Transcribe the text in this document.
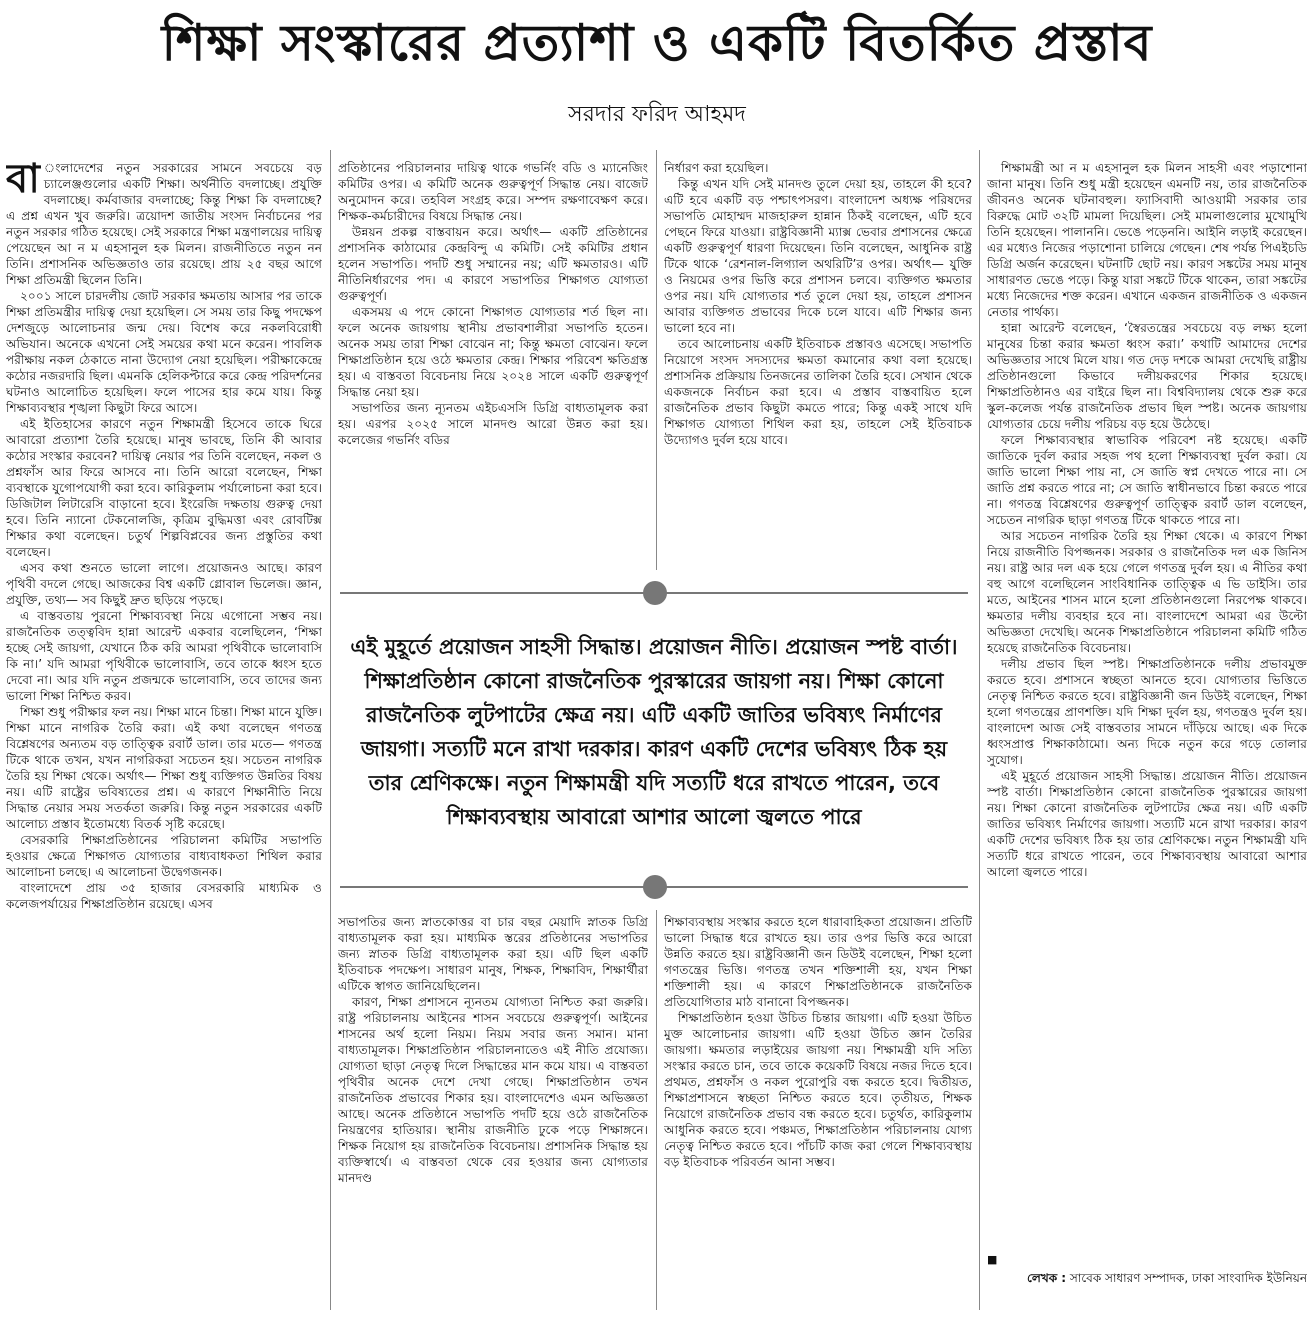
শিক্ষা সংস্কারের প্রত্যাশা ও একটি বিতর্কিত প্রস্তাব
সরদার ফরিদ আহমদ

বা ংলাদেশের নতুন সরকারের সামনে সবচেয়ে বড় চ্যালেঞ্জগুলোর একটি শিক্ষা। অর্থনীতি বদলাচ্ছে। প্রযুক্তি বদলাচ্ছে। কর্মবাজার বদলাচ্ছে; কিন্তু শিক্ষা কি বদলাচ্ছে? এ প্রশ্ন এখন খুব জরুরি। ত্রয়োদশ জাতীয় সংসদ নির্বাচনের পর নতুন সরকার গঠিত হয়েছে। সেই সরকারে শিক্ষা মন্ত্রণালয়ের দায়িত্ব পেয়েছেন আ ন ম এহসানুল হক মিলন। রাজনীতিতে নতুন নন তিনি। প্রশাসনিক অভিজ্ঞতাও তার রয়েছে। প্রায় ২৫ বছর আগে শিক্ষা প্রতিমন্ত্রী ছিলেন তিনি।

২০০১ সালে চারদলীয় জোট সরকার ক্ষমতায় আসার পর তাকে শিক্ষা প্রতিমন্ত্রীর দায়িত্ব দেয়া হয়েছিল। সে সময় তার কিছু পদক্ষেপ দেশজুড়ে আলোচনার জন্ম দেয়। বিশেষ করে নকলবিরোধী অভিযান। অনেকে এখনো সেই সময়ের কথা মনে করেন। পাবলিক পরীক্ষায় নকল ঠেকাতে নানা উদ্যোগ নেয়া হয়েছিল। পরীক্ষাকেন্দ্রে কঠোর নজরদারি ছিল। এমনকি হেলিকপ্টারে করে কেন্দ্র পরিদর্শনের ঘটনাও আলোচিত হয়েছিল। ফলে পাসের হার কমে যায়। কিন্তু শিক্ষাব্যবস্থার শৃঙ্খলা কিছুটা ফিরে আসে।

এই ইতিহাসের কারণে নতুন শিক্ষামন্ত্রী হিসেবে তাকে ঘিরে আবারো প্রত্যাশা তৈরি হয়েছে। মানুষ ভাবছে, তিনি কী আবার কঠোর সংস্কার করবেন? দায়িত্ব নেয়ার পর তিনি বলেছেন, নকল ও প্রশ্নফাঁস আর ফিরে আসবে না। তিনি আরো বলেছেন, শিক্ষা ব্যবস্থাকে যুগোপযোগী করা হবে। কারিকুলাম পর্যালোচনা করা হবে। ডিজিটাল লিটারেসি বাড়ানো হবে। ইংরেজি দক্ষতায় গুরুত্ব দেয়া হবে। তিনি ন্যানো টেকনোলজি, কৃত্রিম বুদ্ধিমত্তা এবং রোবটিক্স শিক্ষার কথা বলেছেন। চতুর্থ শিল্পবিপ্লবের জন্য প্রস্তুতির কথা বলেছেন।

এসব কথা শুনতে ভালো লাগে। প্রয়োজনও আছে। কারণ পৃথিবী বদলে গেছে। আজকের বিশ্ব একটি গ্লোবাল ভিলেজ। জ্ঞান, প্রযুক্তি, তথ্য— সব কিছুই দ্রুত ছড়িয়ে পড়ছে।

এ বাস্তবতায় পুরনো শিক্ষাব্যবস্থা নিয়ে এগোনো সম্ভব নয়। রাজনৈতিক তত্ত্ববিদ হান্না আরেন্ট একবার বলেছিলেন, ‘শিক্ষা হচ্ছে সেই জায়গা, যেখানে ঠিক করি আমরা পৃথিবীকে ভালোবাসি কি না।’ যদি আমরা পৃথিবীকে ভালোবাসি, তবে তাকে ধ্বংস হতে দেবো না। আর যদি নতুন প্রজন্মকে ভালোবাসি, তবে তাদের জন্য ভালো শিক্ষা নিশ্চিত করব।

শিক্ষা শুধু পরীক্ষার ফল নয়। শিক্ষা মানে চিন্তা। শিক্ষা মানে যুক্তি। শিক্ষা মানে নাগরিক তৈরি করা। এই কথা বলেছেন গণতন্ত্র বিশ্লেষণের অন্যতম বড় তাত্ত্বিক রবার্ট ডাল। তার মতে— গণতন্ত্র টিকে থাকে তখন, যখন নাগরিকরা সচেতন হয়। সচেতন নাগরিক তৈরি হয় শিক্ষা থেকে। অর্থাৎ— শিক্ষা শুধু ব্যক্তিগত উন্নতির বিষয় নয়। এটি রাষ্ট্রের ভবিষ্যতের প্রশ্ন। এ কারণে শিক্ষানীতি নিয়ে সিদ্ধান্ত নেয়ার সময় সতর্কতা জরুরি। কিন্তু নতুন সরকারের একটি আলোচ্য প্রস্তাব ইতোমধ্যে বিতর্ক সৃষ্টি করেছে।

বেসরকারি শিক্ষাপ্রতিষ্ঠানের পরিচালনা কমিটির সভাপতি হওয়ার ক্ষেত্রে শিক্ষাগত যোগ্যতার বাধ্যবাধকতা শিথিল করার আলোচনা চলছে। এ আলোচনা উদ্বেগজনক।

বাংলাদেশে প্রায় ৩৫ হাজার বেসরকারি মাধ্যমিক ও কলেজপর্যায়ের শিক্ষাপ্রতিষ্ঠান রয়েছে। এসব

প্রতিষ্ঠানের পরিচালনার দায়িত্ব থাকে গভর্নিং বডি ও ম্যানেজিং কমিটির ওপর। এ কমিটি অনেক গুরুত্বপূর্ণ সিদ্ধান্ত নেয়। বাজেট অনুমোদন করে। তহবিল সংগ্রহ করে। সম্পদ রক্ষণাবেক্ষণ করে। শিক্ষক-কর্মচারীদের বিষয়ে সিদ্ধান্ত নেয়।

উন্নয়ন প্রকল্প বাস্তবায়ন করে। অর্থাৎ— একটি প্রতিষ্ঠানের প্রশাসনিক কাঠামোর কেন্দ্রবিন্দু এ কমিটি। সেই কমিটির প্রধান হলেন সভাপতি। পদটি শুধু সম্মানের নয়; এটি ক্ষমতারও। এটি নীতিনির্ধারণের পদ। এ কারণে সভাপতির শিক্ষাগত যোগ্যতা গুরুত্বপূর্ণ।

একসময় এ পদে কোনো শিক্ষাগত যোগ্যতার শর্ত ছিল না। ফলে অনেক জায়গায় স্থানীয় প্রভাবশালীরা সভাপতি হতেন। অনেক সময় তারা শিক্ষা বোঝেন না; কিন্তু ক্ষমতা বোঝেন। ফলে শিক্ষাপ্রতিষ্ঠান হয়ে ওঠে ক্ষমতার কেন্দ্র। শিক্ষার পরিবেশ ক্ষতিগ্রস্ত হয়। এ বাস্তবতা বিবেচনায় নিয়ে ২০২৪ সালে একটি গুরুত্বপূর্ণ সিদ্ধান্ত নেয়া হয়।

সভাপতির জন্য ন্যূনতম এইচএসসি ডিগ্রি বাধ্যতামূলক করা হয়। এরপর ২০২৫ সালে মানদণ্ড আরো উন্নত করা হয়। কলেজের গভর্নিং বডির

নির্ধারণ করা হয়েছিল।

কিন্তু এখন যদি সেই মানদণ্ড তুলে দেয়া হয়, তাহলে কী হবে? এটি হবে একটি বড় পশ্চাৎপসরণ। বাংলাদেশ অধ্যক্ষ পরিষদের সভাপতি মোহাম্মদ মাজহারুল হান্নান ঠিকই বলেছেন, এটি হবে পেছনে ফিরে যাওয়া। রাষ্ট্রবিজ্ঞানী ম্যাক্স ভেবার প্রশাসনের ক্ষেত্রে একটি গুরুত্বপূর্ণ ধারণা দিয়েছেন। তিনি বলেছেন, আধুনিক রাষ্ট্র টিকে থাকে ‘রেশনাল-লিগ্যাল অথরিটি’র ওপর। অর্থাৎ— যুক্তি ও নিয়মের ওপর ভিত্তি করে প্রশাসন চলবে। ব্যক্তিগত ক্ষমতার ওপর নয়। যদি যোগ্যতার শর্ত তুলে দেয়া হয়, তাহলে প্রশাসন আবার ব্যক্তিগত প্রভাবের দিকে চলে যাবে। এটি শিক্ষার জন্য ভালো হবে না।

তবে আলোচনায় একটি ইতিবাচক প্রস্তাবও এসেছে। সভাপতি নিয়োগে সংসদ সদস্যদের ক্ষমতা কমানোর কথা বলা হয়েছে। প্রশাসনিক প্রক্রিয়ায় তিনজনের তালিকা তৈরি হবে। সেখান থেকে একজনকে নির্বাচন করা হবে। এ প্রস্তাব বাস্তবায়িত হলে রাজনৈতিক প্রভাব কিছুটা কমতে পারে; কিন্তু একই সাথে যদি শিক্ষাগত যোগ্যতা শিথিল করা হয়, তাহলে সেই ইতিবাচক উদ্যোগও দুর্বল হয়ে যাবে।

শিক্ষামন্ত্রী আ ন ম এহসানুল হক মিলন সাহসী এবং পড়াশোনা জানা মানুষ। তিনি শুধু মন্ত্রী হয়েছেন এমনটি নয়, তার রাজনৈতিক জীবনও অনেক ঘটনাবহুল। ফ্যাসিবাদী আওয়ামী সরকার তার বিরুদ্ধে মোট ৩২টি মামলা দিয়েছিল। সেই মামলাগুলোর মুখোমুখি তিনি হয়েছেন। পালাননি। ভেঙে পড়েননি। আইনি লড়াই করেছেন। এর মধ্যেও নিজের পড়াশোনা চালিয়ে গেছেন। শেষ পর্যন্ত পিএইচডি ডিগ্রি অর্জন করেছেন। ঘটনাটি ছোট নয়। কারণ সঙ্কটের সময় মানুষ সাধারণত ভেঙে পড়ে। কিন্তু যারা সঙ্কটে টিকে থাকেন, তারা সঙ্কটের মধ্যে নিজেদের শক্ত করেন। এখানে একজন রাজনীতিক ও একজন নেতার পার্থক্য।

হান্না আরেন্ট বলেছেন, ‘স্বৈরতন্ত্রের সবচেয়ে বড় লক্ষ্য হলো মানুষের চিন্তা করার ক্ষমতা ধ্বংস করা।’ কথাটি আমাদের দেশের অভিজ্ঞতার সাথে মিলে যায়। গত দেড় দশকে আমরা দেখেছি রাষ্ট্রীয় প্রতিষ্ঠানগুলো কিভাবে দলীয়করণের শিকার হয়েছে। শিক্ষাপ্রতিষ্ঠানও এর বাইরে ছিল না। বিশ্ববিদ্যালয় থেকে শুরু করে স্কুল-কলেজ পর্যন্ত রাজনৈতিক প্রভাব ছিল স্পষ্ট। অনেক জায়গায় যোগ্যতার চেয়ে দলীয় পরিচয় বড় হয়ে উঠেছে।

ফলে শিক্ষাব্যবস্থার স্বাভাবিক পরিবেশ নষ্ট হয়েছে। একটি জাতিকে দুর্বল করার সহজ পথ হলো শিক্ষাব্যবস্থা দুর্বল করা। যে জাতি ভালো শিক্ষা পায় না, সে জাতি স্বপ্ন দেখতে পারে না। সে জাতি প্রশ্ন করতে পারে না; সে জাতি স্বাধীনভাবে চিন্তা করতে পারে না। গণতন্ত্র বিশ্লেষণের গুরুত্বপূর্ণ তাত্ত্বিক রবার্ট ডাল বলেছেন, সচেতন নাগরিক ছাড়া গণতন্ত্র টিকে থাকতে পারে না।

আর সচেতন নাগরিক তৈরি হয় শিক্ষা থেকে। এ কারণে শিক্ষা নিয়ে রাজনীতি বিপজ্জনক। সরকার ও রাজনৈতিক দল এক জিনিস নয়। রাষ্ট্র আর দল এক হয়ে গেলে গণতন্ত্র দুর্বল হয়। এ নীতির কথা বহু আগে বলেছিলেন সাংবিধানিক তাত্ত্বিক এ ভি ডাইসি। তার মতে, আইনের শাসন মানে হলো প্রতিষ্ঠানগুলো নিরপেক্ষ থাকবে। ক্ষমতার দলীয় ব্যবহার হবে না। বাংলাদেশে আমরা এর উল্টো অভিজ্ঞতা দেখেছি। অনেক শিক্ষাপ্রতিষ্ঠানে পরিচালনা কমিটি গঠিত হয়েছে রাজনৈতিক বিবেচনায়।

দলীয় প্রভাব ছিল স্পষ্ট। শিক্ষাপ্রতিষ্ঠানকে দলীয় প্রভাবমুক্ত করতে হবে। প্রশাসনে স্বচ্ছতা আনতে হবে। যোগ্যতার ভিত্তিতে নেতৃত্ব নিশ্চিত করতে হবে। রাষ্ট্রবিজ্ঞানী জন ডিউই বলেছেন, শিক্ষা হলো গণতন্ত্রের প্রাণশক্তি। যদি শিক্ষা দুর্বল হয়, গণতন্ত্রও দুর্বল হয়। বাংলাদেশ আজ সেই বাস্তবতার সামনে দাঁড়িয়ে আছে। এক দিকে ধ্বংসপ্রাপ্ত শিক্ষাকাঠামো। অন্য দিকে নতুন করে গড়ে তোলার সুযোগ।

এই মুহূর্তে প্রয়োজন সাহসী সিদ্ধান্ত। প্রয়োজন নীতি। প্রয়োজন স্পষ্ট বার্তা। শিক্ষাপ্রতিষ্ঠান কোনো রাজনৈতিক পুরস্কারের জায়গা নয়। শিক্ষা কোনো রাজনৈতিক লুটপাটের ক্ষেত্র নয়। এটি একটি জাতির ভবিষ্যৎ নির্মাণের জায়গা। সত্যটি মনে রাখা দরকার। কারণ একটি দেশের ভবিষ্যৎ ঠিক হয় তার শ্রেণিকক্ষে। নতুন শিক্ষামন্ত্রী যদি সত্যটি ধরে রাখতে পারেন, তবে শিক্ষাব্যবস্থায় আবারো আশার আলো জ্বলতে পারে।

সভাপতির জন্য স্নাতকোত্তর বা চার বছর মেয়াদি স্নাতক ডিগ্রি বাধ্যতামূলক করা হয়। মাধ্যমিক স্তরের প্রতিষ্ঠানের সভাপতির জন্য স্নাতক ডিগ্রি বাধ্যতামূলক করা হয়। এটি ছিল একটি ইতিবাচক পদক্ষেপ। সাধারণ মানুষ, শিক্ষক, শিক্ষাবিদ, শিক্ষার্থীরা এটিকে স্বাগত জানিয়েছিলেন।

কারণ, শিক্ষা প্রশাসনে ন্যূনতম যোগ্যতা নিশ্চিত করা জরুরি। রাষ্ট্র পরিচালনায় আইনের শাসন সবচেয়ে গুরুত্বপূর্ণ। আইনের শাসনের অর্থ হলো নিয়ম। নিয়ম সবার জন্য সমান। মানা বাধ্যতামূলক। শিক্ষাপ্রতিষ্ঠান পরিচালনাতেও এই নীতি প্রযোজ্য। যোগ্যতা ছাড়া নেতৃত্ব দিলে সিদ্ধান্তের মান কমে যায়। এ বাস্তবতা পৃথিবীর অনেক দেশে দেখা গেছে। শিক্ষাপ্রতিষ্ঠান তখন রাজনৈতিক প্রভাবের শিকার হয়। বাংলাদেশেও এমন অভিজ্ঞতা আছে। অনেক প্রতিষ্ঠানে সভাপতি পদটি হয়ে ওঠে রাজনৈতিক নিয়ন্ত্রণের হাতিয়ার। স্থানীয় রাজনীতি ঢুকে পড়ে শিক্ষাঙ্গনে। শিক্ষক নিয়োগ হয় রাজনৈতিক বিবেচনায়। প্রশাসনিক সিদ্ধান্ত হয় ব্যক্তিস্বার্থে। এ বাস্তবতা থেকে বের হওয়ার জন্য যোগ্যতার মানদণ্ড

শিক্ষাব্যবস্থায় সংস্কার করতে হলে ধারাবাহিকতা প্রয়োজন। প্রতিটি ভালো সিদ্ধান্ত ধরে রাখতে হয়। তার ওপর ভিত্তি করে আরো উন্নতি করতে হয়। রাষ্ট্রবিজ্ঞানী জন ডিউই বলেছেন, শিক্ষা হলো গণতন্ত্রের ভিত্তি। গণতন্ত্র তখন শক্তিশালী হয়, যখন শিক্ষা শক্তিশালী হয়। এ কারণে শিক্ষাপ্রতিষ্ঠানকে রাজনৈতিক প্রতিযোগিতার মাঠ বানানো বিপজ্জনক।

শিক্ষাপ্রতিষ্ঠান হওয়া উচিত চিন্তার জায়গা। এটি হওয়া উচিত মুক্ত আলোচনার জায়গা। এটি হওয়া উচিত জ্ঞান তৈরির জায়গা। ক্ষমতার লড়াইয়ের জায়গা নয়। শিক্ষামন্ত্রী যদি সত্যি সংস্কার করতে চান, তবে তাকে কয়েকটি বিষয়ে নজর দিতে হবে। প্রথমত, প্রশ্নফাঁস ও নকল পুরোপুরি বন্ধ করতে হবে। দ্বিতীয়ত, শিক্ষাপ্রশাসনে স্বচ্ছতা নিশ্চিত করতে হবে। তৃতীয়ত, শিক্ষক নিয়োগে রাজনৈতিক প্রভাব বন্ধ করতে হবে। চতুর্থত, কারিকুলাম আধুনিক করতে হবে। পঞ্চমত, শিক্ষাপ্রতিষ্ঠান পরিচালনায় যোগ্য নেতৃত্ব নিশ্চিত করতে হবে। পাঁচটি কাজ করা গেলে শিক্ষাব্যবস্থায় বড় ইতিবাচক পরিবর্তন আনা সম্ভব।

এই মুহূর্তে প্রয়োজন সাহসী সিদ্ধান্ত। প্রয়োজন নীতি। প্রয়োজন স্পষ্ট বার্তা। শিক্ষাপ্রতিষ্ঠান কোনো রাজনৈতিক পুরস্কারের জায়গা নয়। শিক্ষা কোনো রাজনৈতিক লুটপাটের ক্ষেত্র নয়। এটি একটি জাতির ভবিষ্যৎ নির্মাণের জায়গা। সত্যটি মনে রাখা দরকার। কারণ একটি দেশের ভবিষ্যৎ ঠিক হয় তার শ্রেণিকক্ষে। নতুন শিক্ষামন্ত্রী যদি সত্যটি ধরে রাখতে পারেন, তবে শিক্ষাব্যবস্থায় আবারো আশার আলো জ্বলতে পারে
■
লেখক : সাবেক সাধারণ সম্পাদক, ঢাকা সাংবাদিক ইউনিয়ন
